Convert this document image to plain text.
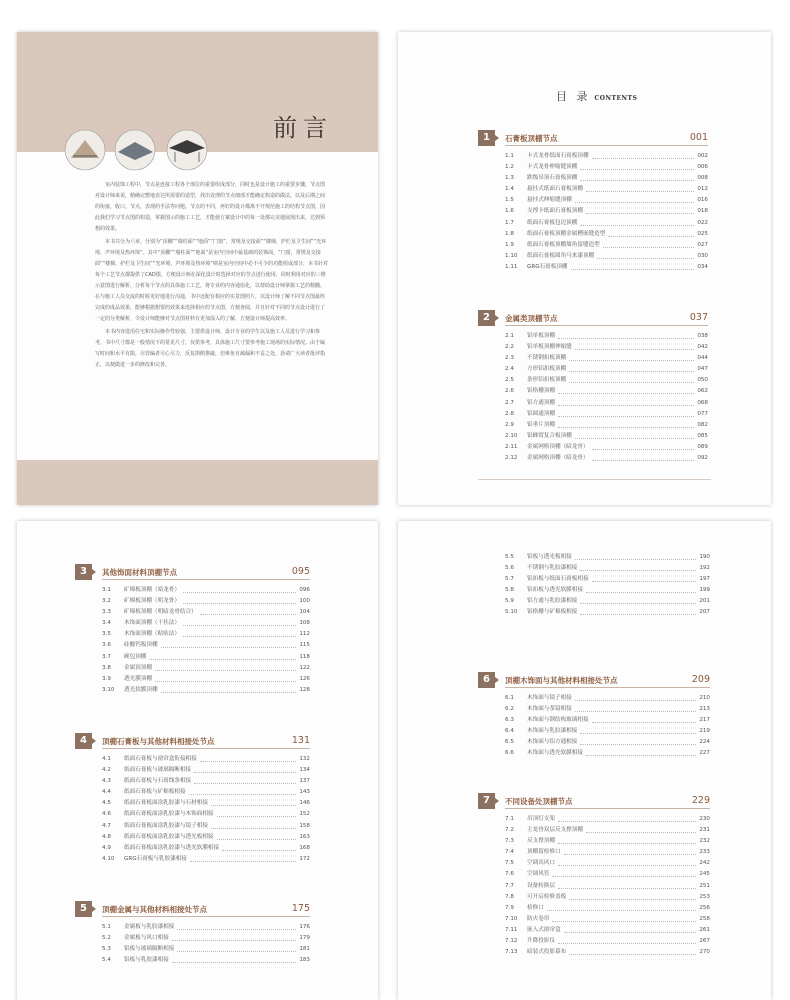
前言

室内装饰工程中，节点是连接工程各个部位的重要组成部分，同时也是设计施工的重要步骤，节点图对设计师来说，精确完整地表达所需要的造型，找出处理的节点细部才能确定构造的做法，以及后期之间的衔接，收口，节点，表现的手法等问题。节点的不同，再好的设计都离不开规范施工的结构节点图，因此我们学习节点图的构造，掌握图示的施工工艺，才能使方案设计中的每一处都完美地展现出来，达到预想的效果。

本书共分为六章，分别为“顶棚”“墙柱面”“地面”“门窗”，常规及交接面”“楼梯，护栏及卫生间”“光环境，声环境及热环境”。其中“顶棚”“墙柱面”“地面”是室内空间中最基础的装饰面，“门窗，常规及交接面”“楼梯，护栏及卫生间”“光环境，声环境及热环境”则是室内空间中必不可少的功能组成部分，本书针对每个工艺节点都提供了CAD图，方便设计师在深化设计时选择对应的节点进行使用，同时利用对应的三维示意图进行解析，分析每个节点的具体施工工艺，将专业的内容通俗化，以帮助设计师掌握工艺的精髓。在与施工人员交流的时候更好地进行沟通，书中还配有相应的实景图照片，以设计师了解不同节点图最终完成的成品效果，能够根据想要的效果来选择相应的节点图，方便查阅，并且针对不同的节点设计进行了一定的分类解析，令设计师能够对节点图材料有更加深入的了解，方便设计师提高效率。

本书内容选用住宅和实际操作性较强，主要供设计师、设计专业的学生以及施工人员进行学习和参考，书中尺寸都是一般情况下的常见尺寸，仅供参考，具体施工尺寸要参考施工现场的实际情况。由于编写时间和水平有限，尽管编者尽心尽力，反复斟酌推敲，但难免有疏漏和不妥之处，恳请广大读者批评指正，以便做进一步的修改和完善。

目 录 CONTENTS
1	石膏板顶棚节点	001
1.1 卡式龙骨纸面石膏板顶棚	002
1.2 卡式龙骨伸缩缝顶棚	006
1.3 跌级吊顶石膏板顶棚	008
1.4 悬挂式纸面石膏板顶棚	012
1.5 悬挂式伸缩缝顶棚	016
1.6 支撑卡纸面石膏板顶棚	018
1.7 纸面石膏板包边顶棚	022
1.8 纸面石膏板顶棚金属槽嵌缝造型	025
1.9 纸面石膏板顶棚墙角留缝造型	027
1.10 纸面石膏板圆角马来漆顶棚	030
1.11 GRG石膏板顶棚	034
2	金属类顶棚节点	037
2.1 铝单板顶棚	038
2.2 铝单板顶棚伸缩缝	042
2.3 不锈钢扣板顶棚	044
2.4 方形铝扣板顶棚	047
2.5 条形铝扣板顶棚	050
2.6 铝格栅顶棚	062
2.7 铝方通顶棚	068
2.8 铝圆通顶棚	077
2.9 铝垂片顶棚	082
2.10 铝蜂窝复合板顶棚	085
2.11 金属网格顶棚（暗龙骨）	089
2.12 金属网格顶棚（暗龙骨）	092
3	其他饰面材料顶棚节点	095
3.1 矿棉板顶棚（暗龙骨）	096
3.2 矿棉板顶棚（明龙骨）	100
3.3 矿棉板顶棚（明暗龙骨结合）	104
3.4 木饰面顶棚（干挂法）	108
3.5 木饰面顶棚（粘贴法）	112
3.6 硅酸钙板顶棚	115
3.7 硬包顶棚	118
3.8 金属顶顶棚	122
3.9 透光膜顶棚	126
3.10 透光软膜顶棚	128
4	顶棚石膏板与其他材料相接处节点	131
4.1 纸面石膏板与窗帘盒衔接相接	132
4.2 纸面石膏板与玻璃隔断相接	134
4.3 纸面石膏板与石膏线条相接	137
4.4 纸面石膏板与矿棉板相接	143
4.5 纸面石膏板面涂乳胶漆与石材相接	146
4.6 纸面石膏板面涂乳胶漆与木饰面相接	152
4.7 纸面石膏板面涂乳胶漆与镜子相接	158
4.8 纸面石膏板面涂乳胶漆与透光板相接	163
4.9 纸面石膏板面涂乳胶漆与透光软膜相接	168
4.10 GRG石膏板与乳胶漆相接	172
5	顶棚金属与其他材料相接处节点	175
5.1 金属板与乳胶漆相接	176
5.2 金属板与风口相接	179
5.3 铝板与玻璃隔断相接	181
5.4 铝板与乳胶漆相接	183
5.5 铝板与透光板相接	190
5.6 不锈钢与乳胶漆相接	192
5.7 铝扣板与纸面石膏板相接	197
5.8 铝扣板与透光软膜相接	199
5.9 铝方通与乳胶漆相接	201
5.10 铝格栅与矿棉板相接	207
6	顶棚木饰面与其他材料相接处节点	209
6.1 木饰面与镜子相接	210
6.2 木饰面与茶镜相接	213
6.3 木饰面与钢结构玻璃相接	217
6.4 木饰面与乳胶漆相接	219
6.5 木饰面与铝方通相接	224
6.6 木饰面与透光软膜相接	227
7	不同设备处顶棚节点	229
7.1 吊顶灯支架	230
7.2 主龙骨双层反支撑顶棚	231
7.3 反支撑顶棚	232
7.4 顶棚留检修口	233
7.5 空调出风口	242
7.6 空调风管	245
7.7 设备转换层	251
7.8 可开启检修盖板	253
7.9 检修口	256
7.10 防火卷帘	258
7.11 嵌入式窗帘盒	261
7.12 升降投影仪	267
7.13 暗装式投影幕布	270
